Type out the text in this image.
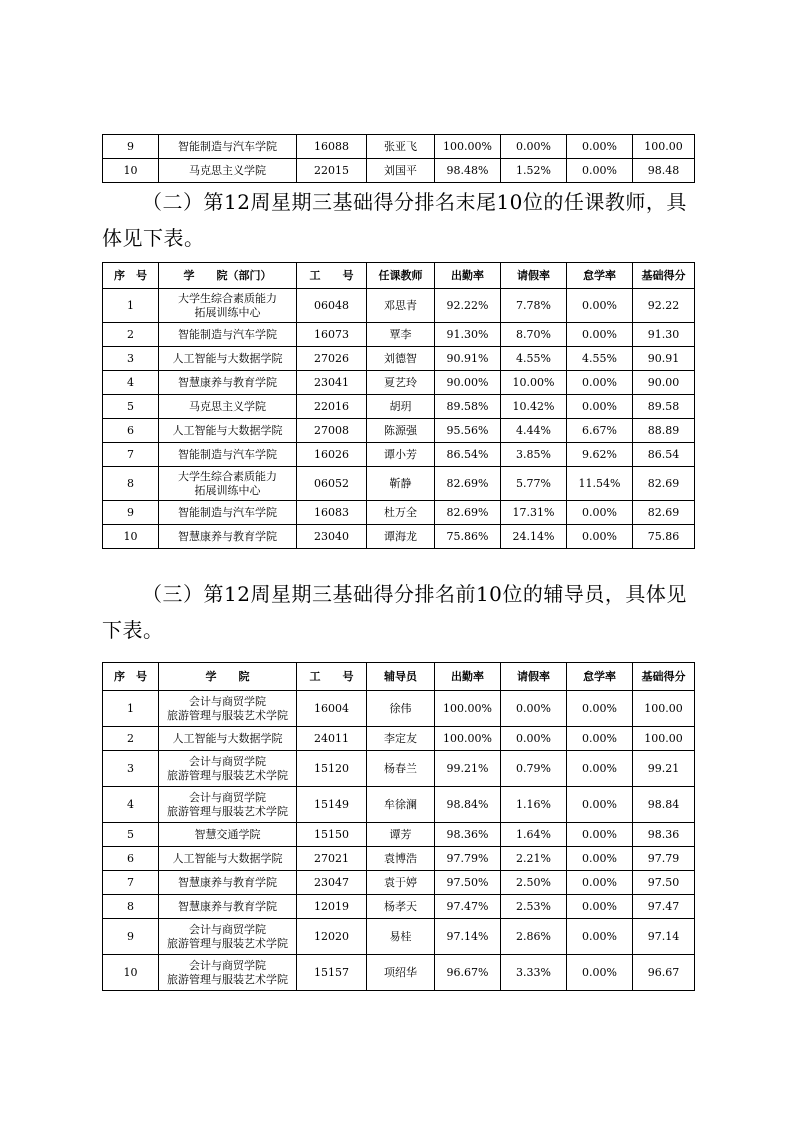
9	智能制造与汽车学院	16088	张亚飞	100.00%	0.00%	0.00%	100.00
10	马克思主义学院	22015	刘国平	98.48%	1.52%	0.00%	98.48

（二）第12周星期三基础得分排名末尾10位的任课教师，具体见下表。

序　号	学　　院（部门）	工　　号	任课教师	出勤率	请假率	怠学率	基础得分
1	大学生综合素质能力
拓展训练中心	06048	邓思青	92.22%	7.78%	0.00%	92.22
2	智能制造与汽车学院	16073	覃李	91.30%	8.70%	0.00%	91.30
3	人工智能与大数据学院	27026	刘德智	90.91%	4.55%	4.55%	90.91
4	智慧康养与教育学院	23041	夏艺玲	90.00%	10.00%	0.00%	90.00
5	马克思主义学院	22016	胡玥	89.58%	10.42%	0.00%	89.58
6	人工智能与大数据学院	27008	陈源强	95.56%	4.44%	6.67%	88.89
7	智能制造与汽车学院	16026	谭小芳	86.54%	3.85%	9.62%	86.54
8	大学生综合素质能力
拓展训练中心	06052	靳静	82.69%	5.77%	11.54%	82.69
9	智能制造与汽车学院	16083	杜万全	82.69%	17.31%	0.00%	82.69
10	智慧康养与教育学院	23040	谭海龙	75.86%	24.14%	0.00%	75.86

（三）第12周星期三基础得分排名前10位的辅导员，具体见下表。

序　号	学　　院	工　　号	辅导员	出勤率	请假率	怠学率	基础得分
1	会计与商贸学院
旅游管理与服装艺术学院	16004	徐伟	100.00%	0.00%	0.00%	100.00
2	人工智能与大数据学院	24011	李定友	100.00%	0.00%	0.00%	100.00
3	会计与商贸学院
旅游管理与服装艺术学院	15120	杨春兰	99.21%	0.79%	0.00%	99.21
4	会计与商贸学院
旅游管理与服装艺术学院	15149	牟徐澜	98.84%	1.16%	0.00%	98.84
5	智慧交通学院	15150	谭芳	98.36%	1.64%	0.00%	98.36
6	人工智能与大数据学院	27021	袁博浩	97.79%	2.21%	0.00%	97.79
7	智慧康养与教育学院	23047	袁于婷	97.50%	2.50%	0.00%	97.50
8	智慧康养与教育学院	12019	杨孝天	97.47%	2.53%	0.00%	97.47
9	会计与商贸学院
旅游管理与服装艺术学院	12020	易桂	97.14%	2.86%	0.00%	97.14
10	会计与商贸学院
旅游管理与服装艺术学院	15157	项绍华	96.67%	3.33%	0.00%	96.67
